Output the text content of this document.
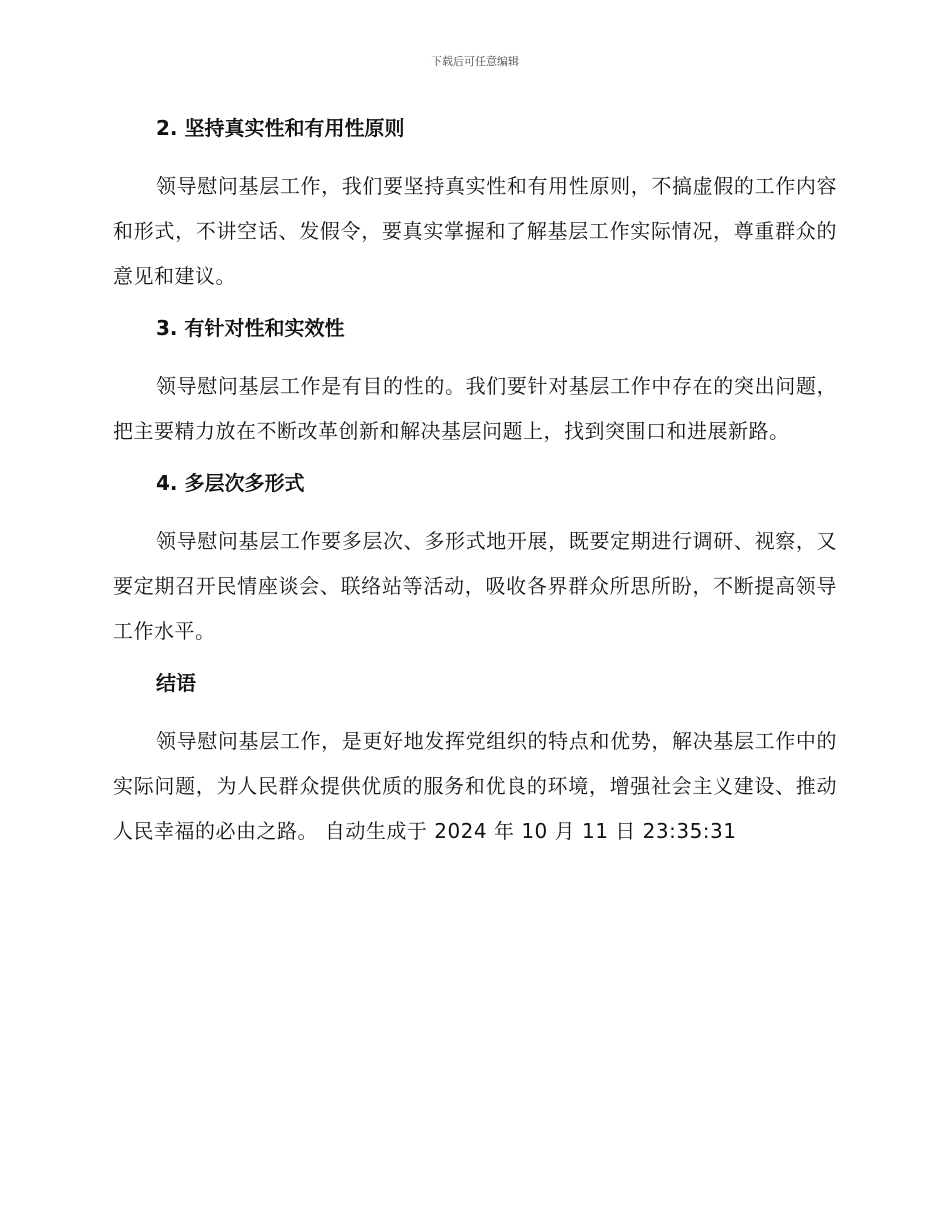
下载后可任意编辑
2. 坚持真实性和有用性原则

领导慰问基层工作，我们要坚持真实性和有用性原则，不搞虚假的工作内容和形式，不讲空话、发假令，要真实掌握和了解基层工作实际情况，尊重群众的意见和建议。

3. 有针对性和实效性

领导慰问基层工作是有目的性的。我们要针对基层工作中存在的突出问题，把主要精力放在不断改革创新和解决基层问题上，找到突围口和进展新路。

4. 多层次多形式

领导慰问基层工作要多层次、多形式地开展，既要定期进行调研、视察，又要定期召开民情座谈会、联络站等活动，吸收各界群众所思所盼，不断提高领导工作水平。

结语

领导慰问基层工作，是更好地发挥党组织的特点和优势，解决基层工作中的实际问题，为人民群众提供优质的服务和优良的环境，增强社会主义建设、推动人民幸福的必由之路。 自动生成于 2024 年 10 月 11 日 23:35:31
